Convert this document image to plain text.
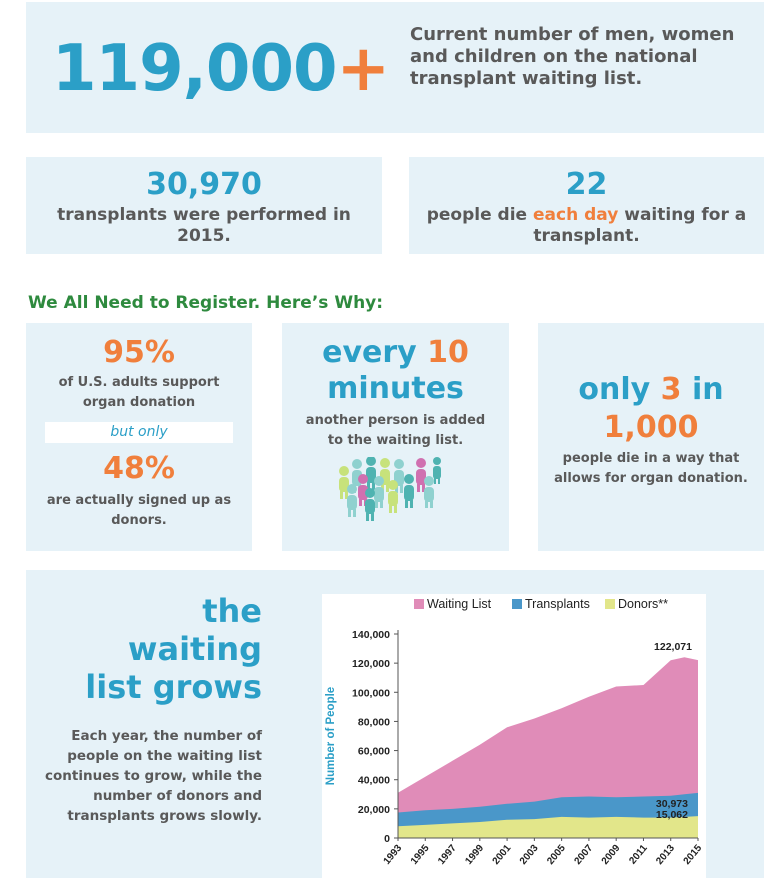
119,000+ Current number of men, women and children on the national transplant waiting list.
30,970
transplants were performed in 2015.
22
people die each day waiting for a transplant.
We All Need to Register. Here’s Why:
95%
of U.S. adults support organ donation
but only
48%
are actually signed up as donors.
every 10
minutes
another person is added to the waiting list.
only 3 in
1,000
people die in a way that allows for organ donation.
the
waiting
list grows
Each year, the number of people on the waiting list continues to grow, while the number of donors and transplants grows slowly.
0
20,000
40,000
60,000
80,000
100,000
120,000
140,000
1993 1995 1997 1999 2001 2003 2005 2007 2009 2011 2013 2015
Number of People
Waiting List	Transplants Donors**
122,071
30,973
15,062
